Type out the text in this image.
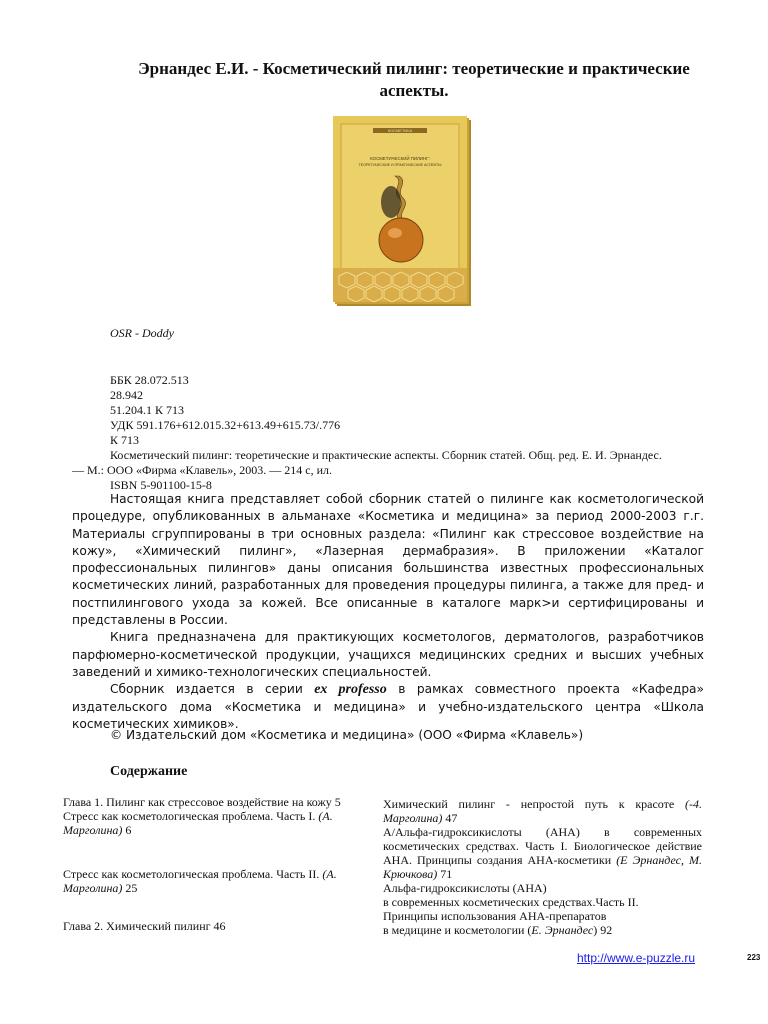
Эрнандес Е.И. - Косметический пилинг: теоретические и практические аспекты.
КОСМЕТИКА
КОСМЕТИЧЕСКИЙ ПИЛИНГ:
ТЕОРЕТИЧЕСКИЕ И ПРАКТИЧЕСКИЕ АСПЕКТЫ
OSR - Doddy
ББК 28.072.513
28.942
51.204.1 К 713
УДК 591.176+612.015.32+613.49+615.73/.776
К 713
Косметический пилинг: теоретические и практические аспекты. Сборник статей. Общ. ред. Е. И. Эрнандес.
— М.: ООО «Фирма «Клавель», 2003. — 214 с, ил.
ISBN 5-901100-15-8

Настоящая книга представляет собой сборник статей о пилинге как косметологической процедуре, опубликованных в альманахе «Косметика и медицина» за период 2000-2003 г.г. Материалы сгруппированы в три основных раздела: «Пилинг как стрессовое воздействие на кожу», «Химический пилинг», «Лазерная дермабразия». В приложении «Каталог профессиональных пилингов» даны описания большинства известных профессиональных косметических линий, разработанных для проведения процедуры пилинга, а также для пред- и постпилингового ухода за кожей. Все описанные в каталоге марк>и сертифицированы и представлены в России.

Книга предназначена для практикующих косметологов, дерматологов, разработчиков парфюмерно-косметической продукции, учащихся медицинских средних и высших учебных заведений и химико-технологических специальностей.

Сборник издается в серии ex professo в рамках совместного проекта «Кафедра» издательского дома «Косметика и медицина» и учебно-издательского центра «Школа косметических химиков».

© Издательский дом «Косметика и медицина» (ООО «Фирма «Клавель»)
Содержание
Глава 1. Пилинг как стрессовое воздействие на кожу 5
Стресс как косметологическая проблема. Часть I. (А. Марголина) 6
Стресс как косметологическая проблема. Часть II. (А. Марголина) 25
Глава 2. Химический пилинг 46
Химический пилинг - непростой путь к красоте (-4. Марголина) 47
А/Альфа-гидроксикислоты (АНА) в современных косметических средствах. Часть I. Биологическое действие АНА. Принципы создания АНА-косметики (Е Эрнандес, М. Крючкова) 71
Альфа-гидроксикислоты (АНА)
в современных косметических средствах.Часть II.
Принципы использования АНА-препаратов
в медицине и косметологии (Е. Эрнандес) 92
http://www.e-puzzle.ru	223
